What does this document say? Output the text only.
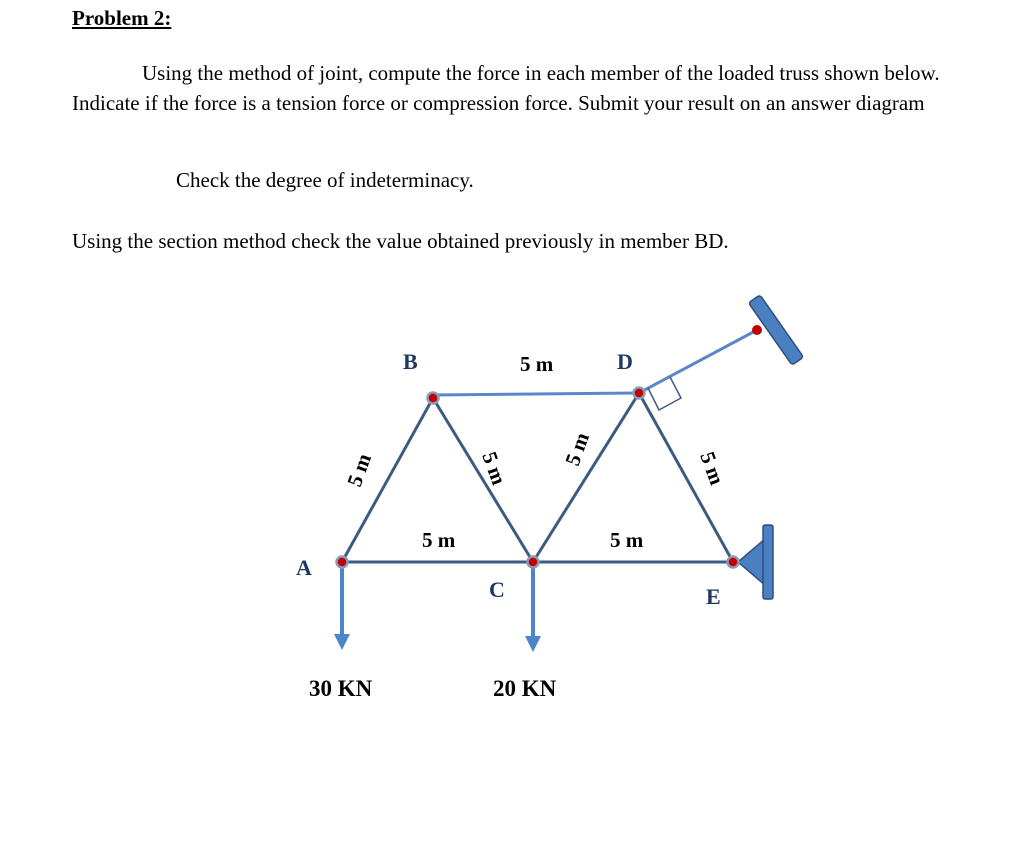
Problem 2:
Using the method of joint, compute the force in each member of the loaded truss shown below. Indicate if the force is a tension force or compression force. Submit your result on an answer diagram
Check the degree of indeterminacy.
Using the section method check the value obtained previously in member BD.
A
B
C
D
E
5 m
5 m	5 m
5 m	5 m 5 m	5 m
30 KN	20 KN
